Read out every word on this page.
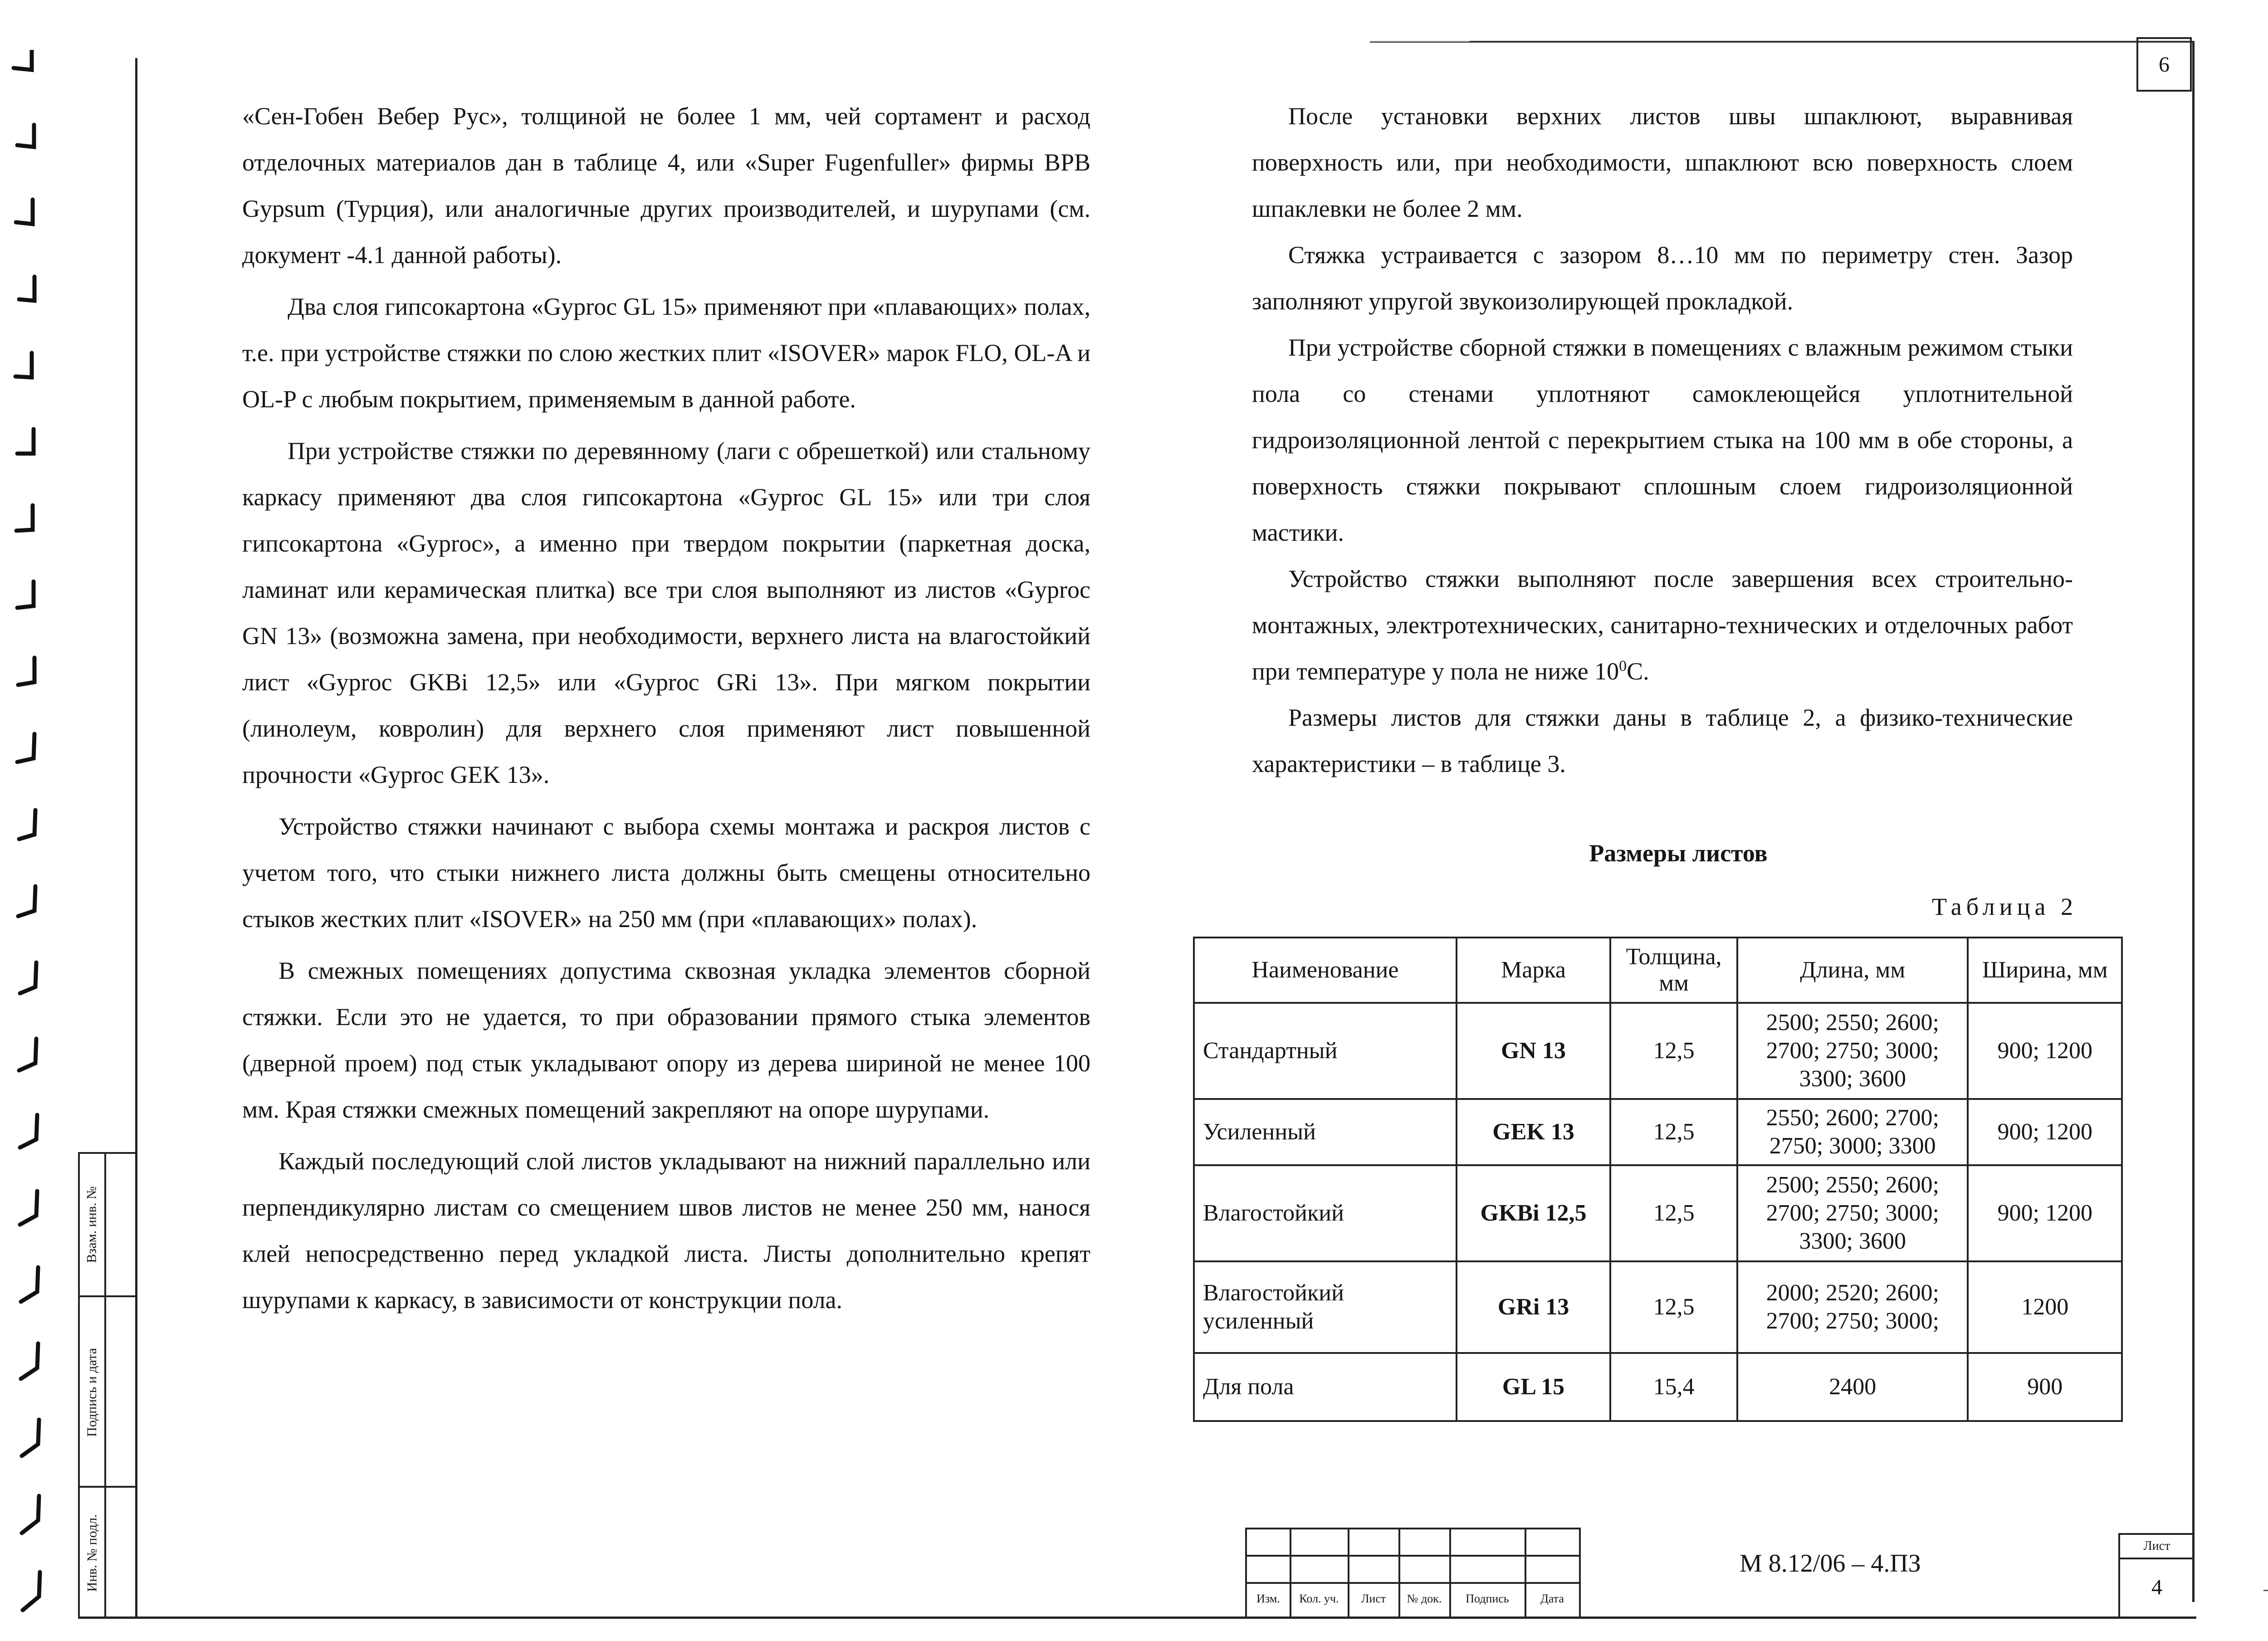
6
Взам. инв. №
Подпись и дата
Инв. № подл.

«Сен-Гобен Вебер Рус», толщиной не более 1 мм, чей сортамент и расход отделочных материалов дан в таблице 4, или «Super Fugenfuller» фирмы BPB Gypsum (Турция), или аналогичные других производителей, и шурупами (см. документ -4.1 данной работы).

Два слоя гипсокартона «Gyproc GL 15» применяют при «плавающих» полах, т.е. при устройстве стяжки по слою жестких плит «ISOVER» марок FLO, OL-A и OL-P с любым покрытием, применяемым в данной работе.

При устройстве стяжки по деревянному (лаги с обрешеткой) или стальному каркасу применяют два слоя гипсокартона «Gyproc GL 15» или три слоя гипсокартона «Gyproc», а именно при твердом покрытии (паркетная доска, ламинат или керамическая плитка) все три слоя выполняют из листов «Gyproc GN 13» (возможна замена, при необходимости, верхнего листа на влагостойкий лист «Gyproc GKBi 12,5» или «Gyproc GRi 13». При мягком покрытии (линолеум, ковролин) для верхнего слоя применяют лист повышенной прочности «Gyproc GEK 13».

Устройство стяжки начинают с выбора схемы монтажа и раскроя листов с учетом того, что стыки нижнего листа должны быть смещены относительно стыков жестких плит «ISOVER» на 250 мм (при «плавающих» полах).

В смежных помещениях допустима сквозная укладка элементов сборной стяжки. Если это не удается, то при образовании прямого стыка элементов (дверной проем) под стык укладывают опору из дерева шириной не менее 100 мм. Края стяжки смежных помещений закрепляют на опоре шурупами.

Каждый последующий слой листов укладывают на нижний параллельно или перпендикулярно листам со смещением швов листов не менее 250 мм, нанося клей непосредственно перед укладкой листа. Листы дополнительно крепят шурупами к каркасу, в зависимости от конструкции пола.

После установки верхних листов швы шпаклюют, выравнивая поверхность или, при необходимости, шпаклюют всю поверхность слоем шпаклевки не более 2 мм.

Стяжка устраивается с зазором 8…10 мм по периметру стен. Зазор заполняют упругой звукоизолирующей прокладкой.

При устройстве сборной стяжки в помещениях с влажным режимом стыки пола со стенами уплотняют самоклеющейся уплотнительной гидроизоляционной лентой с перекрытием стыка на 100 мм в обе стороны, а поверхность стяжки покрывают сплошным слоем гидроизоляционной мастики.

Устройство стяжки выполняют после завершения всех строительно-монтажных, электротехнических, санитарно-технических и отделочных работ при температуре у пола не ниже $10^0С$.

Размеры листов для стяжки даны в таблице 2, а физико-технические характеристики – в таблице 3.

Размеры листов
Таблица 2
Наименование	Марка	Толщина, мм	Длина, мм	Ширина, мм
Стандартный	GN 13	12,5	2500; 2550; 2600; 2700; 2750; 3000; 3300; 3600	900; 1200
Усиленный	GEK 13	12,5	2550; 2600; 2700; 2750; 3000; 3300	900; 1200
Влагостойкий	GKBi 12,5	12,5	2500; 2550; 2600; 2700; 2750; 3000; 3300; 3600	900; 1200
Влагостойкий усиленный	GRi 13	12,5	2000; 2520; 2600; 2700; 2750; 3000;	1200
Для пола	GL 15	15,4	2400	900
Изм.	Кол. уч.	Лист	№ док.	Подпись	Дата
М 8.12/06 – 4.ПЗ
Лист
4
